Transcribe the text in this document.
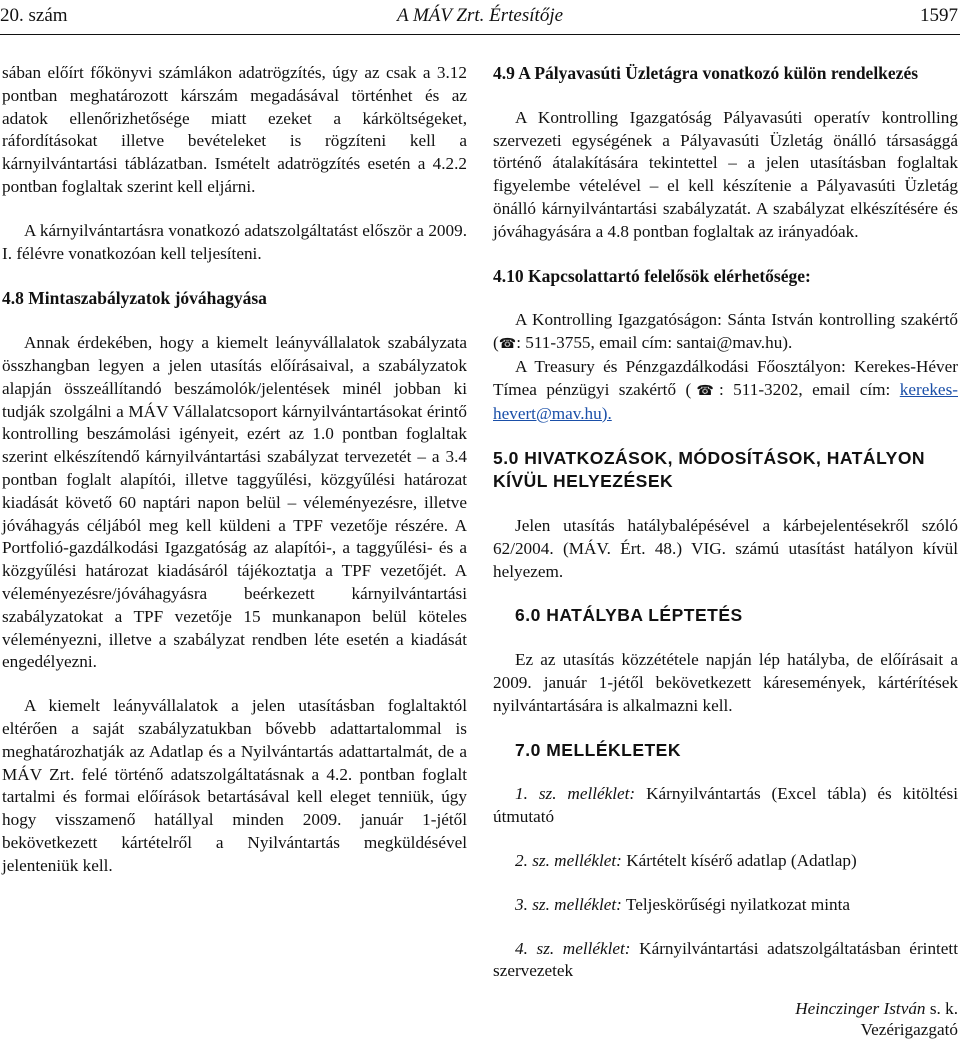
20. szám	A MÁV Zrt. Értesítője	1597

sában előírt főkönyvi számlákon adatrögzítés, úgy az csak a 3.12 pontban meghatározott kárszám megadásával történhet és az adatok ellenőrizhetősége miatt ezeket a kárköltségeket, ráfordításokat illetve bevételeket is rögzíteni kell a kárnyilvántartási táblázatban. Ismételt adatrögzítés esetén a 4.2.2 pontban foglaltak szerint kell eljárni.

A kárnyilvántartásra vonatkozó adatszolgáltatást először a 2009. I. félévre vonatkozóan kell teljesíteni.

4.8 Mintaszabályzatok jóváhagyása

Annak érdekében, hogy a kiemelt leányvállalatok szabályzata összhangban legyen a jelen utasítás előírásaival, a szabályzatok alapján összeállítandó beszámolók/jelentések minél jobban ki tudják szolgálni a MÁV Vállalatcsoport kárnyilvántartásokat érintő kontrolling beszámolási igényeit, ezért az 1.0 pontban foglaltak szerint elkészítendő kárnyilvántartási szabályzat tervezetét – a 3.4 pontban foglalt alapítói, illetve taggyűlési, közgyűlési határozat kiadását követő 60 naptári napon belül – véleményezésre, illetve jóváhagyás céljából meg kell küldeni a TPF vezetője részére. A Portfolió-gazdálkodási Igazgatóság az alapítói-, a taggyűlési- és a közgyűlési határozat kiadásáról tájékoztatja a TPF vezetőjét. A véleményezésre/jóváhagyásra beérkezett kárnyilvántartási szabályzatokat a TPF vezetője 15 munkanapon belül köteles véleményezni, illetve a szabályzat rendben léte esetén a kiadását engedélyezni.

A kiemelt leányvállalatok a jelen utasításban foglaltaktól eltérően a saját szabályzatukban bővebb adattartalommal is meghatározhatják az Adatlap és a Nyilvántartás adattartalmát, de a MÁV Zrt. felé történő adatszolgáltatásnak a 4.2. pontban foglalt tartalmi és formai előírások betartásával kell eleget tenniük, úgy hogy visszamenő hatállyal minden 2009. január 1-jétől bekövetkezett kártételről a Nyilvántartás megküldésével jelenteniük kell.

4.9 A Pályavasúti Üzletágra vonatkozó külön rendelkezés

A Kontrolling Igazgatóság Pályavasúti operatív kontrolling szervezeti egységének a Pályavasúti Üzletág önálló társasággá történő átalakítására tekintettel – a jelen utasításban foglaltak figyelembe vételével – el kell készítenie a Pályavasúti Üzletág önálló kárnyilvántartási szabályzatát. A szabályzat elkészítésére és jóváhagyására a 4.8 pontban foglaltak az irányadóak.

4.10 Kapcsolattartó felelősök elérhetősége:

A Kontrolling Igazgatóságon: Sánta István kontrolling szakértő (☎: 511-3755, email cím: santai@mav.hu).

A Treasury és Pénzgazdálkodási Főosztályon: Kerekes-Héver Tímea pénzügyi szakértő (☎: 511-3202, email cím: kerekes-hevert@mav.hu).

5.0 HIVATKOZÁSOK, MÓDOSÍTÁSOK, HATÁLYON KÍVÜL HELYEZÉSEK

Jelen utasítás hatálybalépésével a kárbejelentésekről szóló 62/2004. (MÁV. Ért. 48.) VIG. számú utasítást hatályon kívül helyezem.

6.0 HATÁLYBA LÉPTETÉS

Ez az utasítás közzététele napján lép hatályba, de előírásait a 2009. január 1-jétől bekövetkezett káresemények, kártérítések nyilvántartására is alkalmazni kell.

7.0 MELLÉKLETEK

1. sz. melléklet: Kárnyilvántartás (Excel tábla) és kitöltési útmutató

2. sz. melléklet: Kártételt kísérő adatlap (Adatlap)

3. sz. melléklet: Teljeskörűségi nyilatkozat minta

4. sz. melléklet: Kárnyilvántartási adatszolgáltatásban érintett szervezetek

Heinczinger István s. k.
Vezérigazgató
